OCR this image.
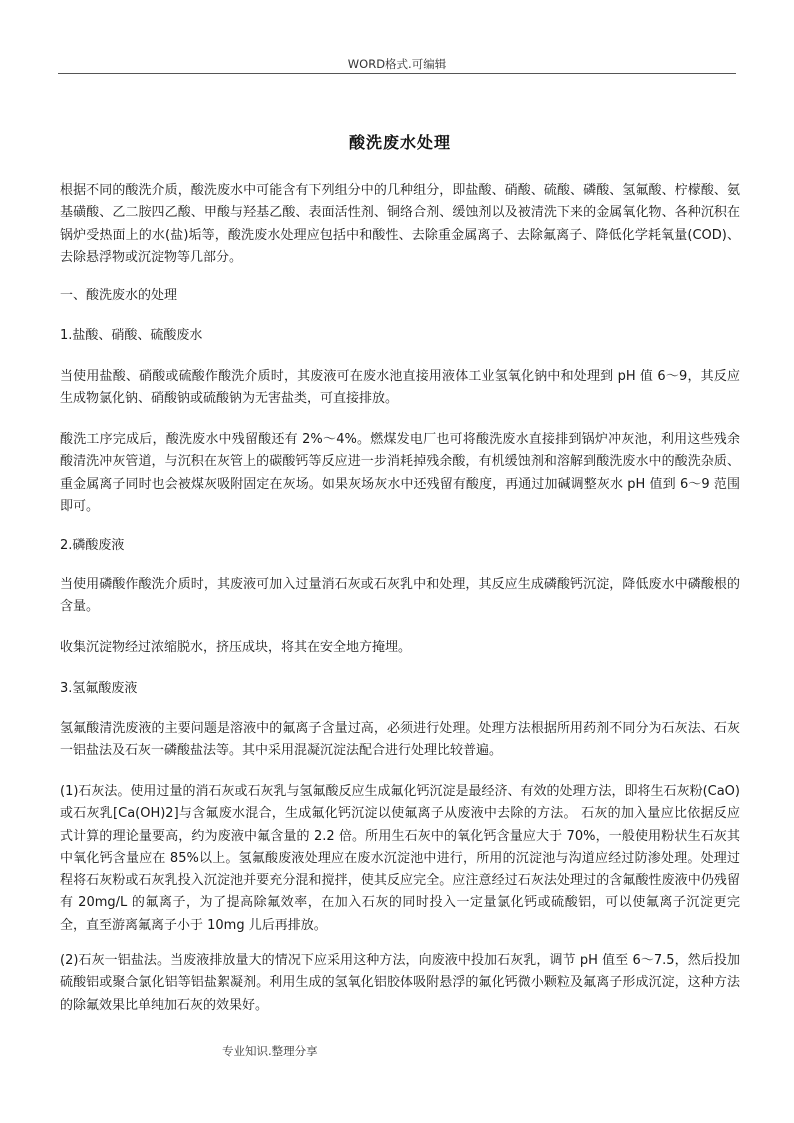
WORD格式.可编辑
酸洗废水处理

根据不同的酸洗介质，酸洗废水中可能含有下列组分中的几种组分，即盐酸、硝酸、硫酸、磷酸、氢氟酸、柠檬酸、氨基磺酸、乙二胺四乙酸、甲酸与羟基乙酸、表面活性剂、铜络合剂、缓蚀剂以及被清洗下来的金属氧化物、各种沉积在锅炉受热面上的水(盐)垢等，酸洗废水处理应包括中和酸性、去除重金属离子、去除氟离子、降低化学耗氧量(COD)、去除悬浮物或沉淀物等几部分。

一、酸洗废水的处理

1.盐酸、硝酸、硫酸废水

当使用盐酸、硝酸或硫酸作酸洗介质时，其废液可在废水池直接用液体工业氢氧化钠中和处理到 pH 值 6～9，其反应生成物氯化钠、硝酸钠或硫酸钠为无害盐类，可直接排放。

酸洗工序完成后，酸洗废水中残留酸还有 2%～4%。燃煤发电厂也可将酸洗废水直接排到锅炉冲灰池，利用这些残余酸清洗冲灰管道，与沉积在灰管上的碳酸钙等反应进一步消耗掉残余酸，有机缓蚀剂和溶解到酸洗废水中的酸洗杂质、重金属离子同时也会被煤灰吸附固定在灰场。如果灰场灰水中还残留有酸度，再通过加碱调整灰水 pH 值到 6～9 范围即可。

2.磷酸废液

当使用磷酸作酸洗介质时，其废液可加入过量消石灰或石灰乳中和处理，其反应生成磷酸钙沉淀，降低废水中磷酸根的含量。

收集沉淀物经过浓缩脱水，挤压成块，将其在安全地方掩埋。

3.氢氟酸废液

氢氟酸清洗废液的主要问题是溶液中的氟离子含量过高，必须进行处理。处理方法根据所用药剂不同分为石灰法、石灰一铝盐法及石灰一磷酸盐法等。其中采用混凝沉淀法配合进行处理比较普遍。

(1)石灰法。使用过量的消石灰或石灰乳与氢氟酸反应生成氟化钙沉淀是最经济、有效的处理方法，即将生石灰粉(CaO)或石灰乳[Ca(OH)2]与含氟废水混合，生成氟化钙沉淀以使氟离子从废液中去除的方法。 石灰的加入量应比依据反应式计算的理论量要高，约为废液中氟含量的 2.2 倍。所用生石灰中的氧化钙含量应大于 70%，一般使用粉状生石灰其中氧化钙含量应在 85%以上。氢氟酸废液处理应在废水沉淀池中进行，所用的沉淀池与沟道应经过防渗处理。处理过程将石灰粉或石灰乳投入沉淀池并要充分混和搅拌，使其反应完全。应注意经过石灰法处理过的含氟酸性废液中仍残留有 20mg/L 的氟离子，为了提高除氟效率，在加入石灰的同时投入一定量氯化钙或硫酸铝，可以使氟离子沉淀更完全，直至游离氟离子小于 10mg 儿后再排放。

(2)石灰一铝盐法。当废液排放量大的情况下应采用这种方法，向废液中投加石灰乳，调节 pH 值至 6～7.5，然后投加硫酸铝或聚合氯化铝等铝盐絮凝剂。利用生成的氢氧化铝胶体吸附悬浮的氟化钙微小颗粒及氟离子形成沉淀，这种方法的除氟效果比单纯加石灰的效果好。

专业知识.整理分享
